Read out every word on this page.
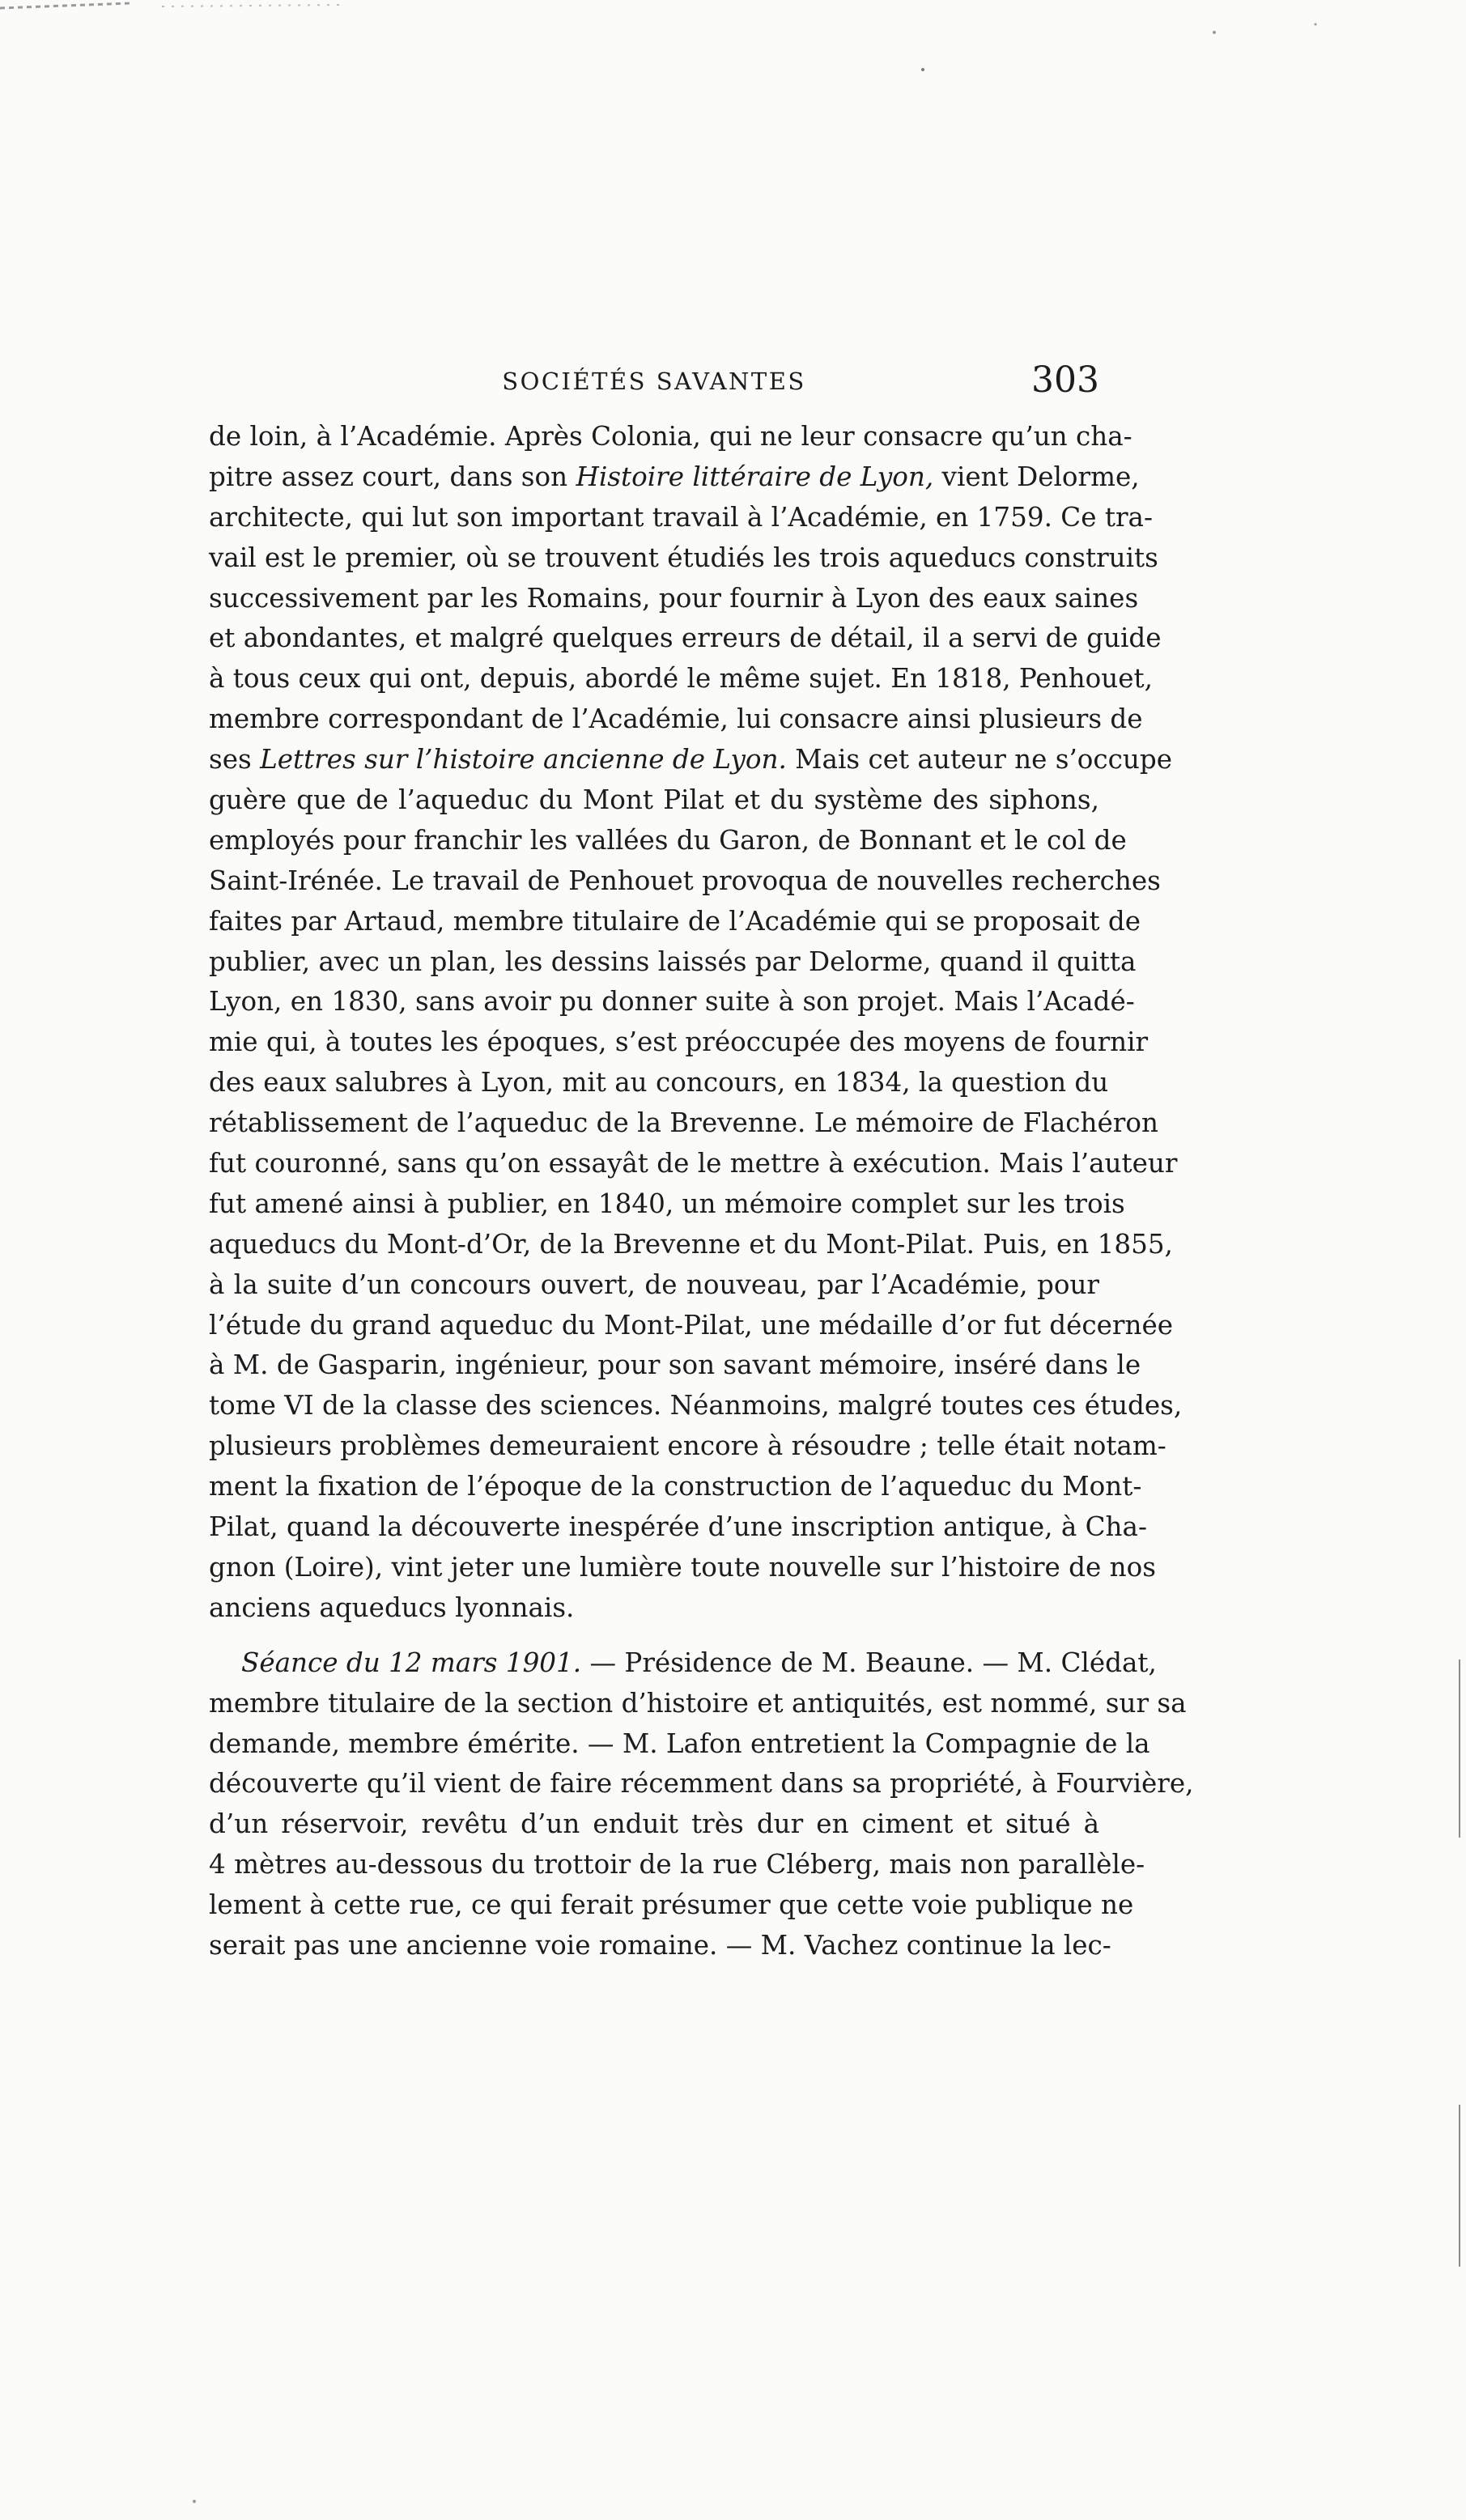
SOCIÉTÉS SAVANTES	303
de loin, à l’Académie. Après Colonia, qui ne leur consacre qu’un cha-
pitre assez court, dans son Histoire littéraire de Lyon, vient Delorme,
architecte, qui lut son important travail à l’Académie, en 1759. Ce tra-
vail est le premier, où se trouvent étudiés les trois aqueducs construits
successivement par les Romains, pour fournir à Lyon des eaux saines
et abondantes, et malgré quelques erreurs de détail, il a servi de guide
à tous ceux qui ont, depuis, abordé le même sujet. En 1818, Penhouet,
membre correspondant de l’Académie, lui consacre ainsi plusieurs de
ses Lettres sur l’histoire ancienne de Lyon. Mais cet auteur ne s’occupe
guère que de l’aqueduc du Mont Pilat et du système des siphons,
employés pour franchir les vallées du Garon, de Bonnant et le col de
Saint-Irénée. Le travail de Penhouet provoqua de nouvelles recherches
faites par Artaud, membre titulaire de l’Académie qui se proposait de
publier, avec un plan, les dessins laissés par Delorme, quand il quitta
Lyon, en 1830, sans avoir pu donner suite à son projet. Mais l’Acadé-
mie qui, à toutes les époques, s’est préoccupée des moyens de fournir
des eaux salubres à Lyon, mit au concours, en 1834, la question du
rétablissement de l’aqueduc de la Brevenne. Le mémoire de Flachéron
fut couronné, sans qu’on essayât de le mettre à exécution. Mais l’auteur
fut amené ainsi à publier, en 1840, un mémoire complet sur les trois
aqueducs du Mont-d’Or, de la Brevenne et du Mont-Pilat. Puis, en 1855,
à la suite d’un concours ouvert, de nouveau, par l’Académie, pour
l’étude du grand aqueduc du Mont-Pilat, une médaille d’or fut décernée
à M. de Gasparin, ingénieur, pour son savant mémoire, inséré dans le
tome VI de la classe des sciences. Néanmoins, malgré toutes ces études,
plusieurs problèmes demeuraient encore à résoudre ; telle était notam-
ment la fixation de l’époque de la construction de l’aqueduc du Mont-
Pilat, quand la découverte inespérée d’une inscription antique, à Cha-
gnon (Loire), vint jeter une lumière toute nouvelle sur l’histoire de nos
anciens aqueducs lyonnais.
Séance du 12 mars 1901. — Présidence de M. Beaune. — M. Clédat,
membre titulaire de la section d’histoire et antiquités, est nommé, sur sa
demande, membre émérite. — M. Lafon entretient la Compagnie de la
découverte qu’il vient de faire récemment dans sa propriété, à Fourvière,
d’un réservoir, revêtu d’un enduit très dur en ciment et situé à
4 mètres au-dessous du trottoir de la rue Cléberg, mais non parallèle-
lement à cette rue, ce qui ferait présumer que cette voie publique ne
serait pas une ancienne voie romaine. — M. Vachez continue la lec-
